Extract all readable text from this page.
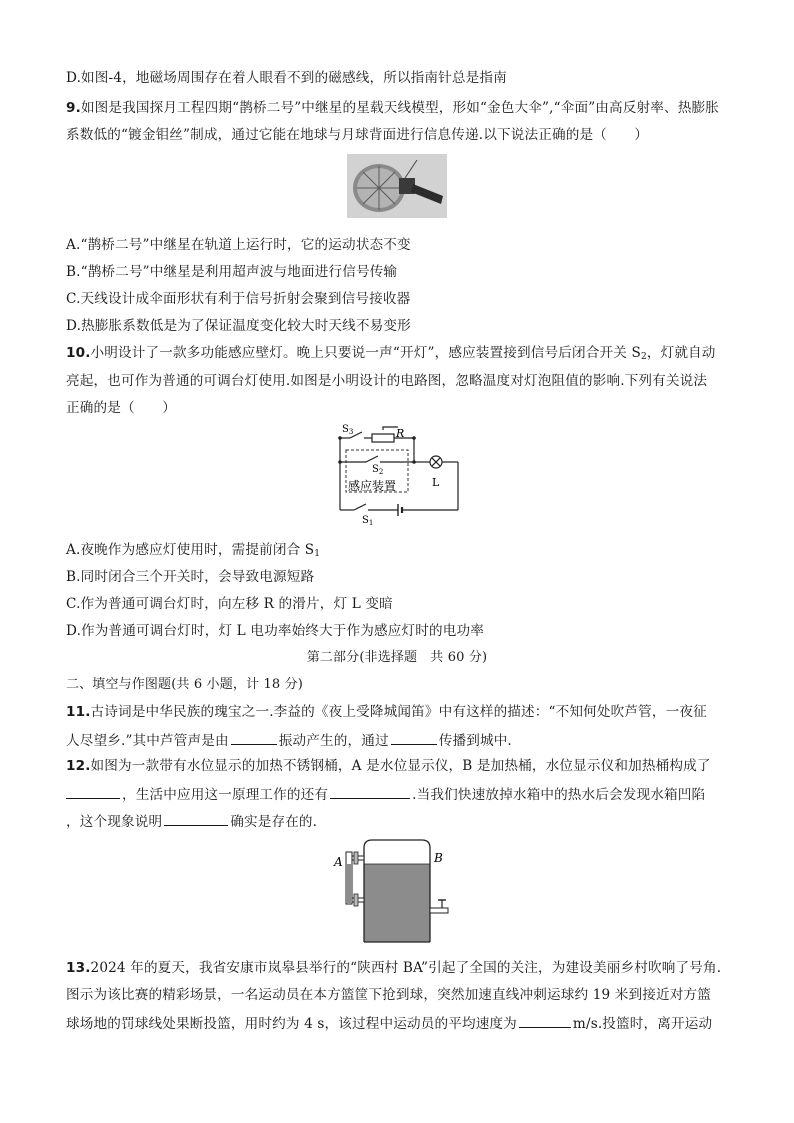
D.如图-4，地磁场周围存在着人眼看不到的磁感线，所以指南针总是指南
9.如图是我国探月工程四期“鹊桥二号”中继星的星载天线模型，形如“金色大伞”,“伞面”由高反射率、热膨胀
系数低的“镀金钼丝”制成，通过它能在地球与月球背面进行信息传递.以下说法正确的是（　　）
A.“鹊桥二号”中继星在轨道上运行时，它的运动状态不变
B.“鹊桥二号”中继星是利用超声波与地面进行信号传输
C.天线设计成伞面形状有利于信号折射会聚到信号接收器
D.热膨胀系数低是为了保证温度变化较大时天线不易变形
10.小明设计了一款多功能感应壁灯。晚上只要说一声“开灯”，感应装置接到信号后闭合开关 $S_2$，灯就自动
亮起，也可作为普通的可调台灯使用.如图是小明设计的电路图，忽略温度对灯泡阻值的影响.下列有关说法
正确的是（　　）
$S_3$	R
$S_2$
感应装置	L
$S_1$
A.夜晚作为感应灯使用时，需提前闭合 $S_1$
B.同时闭合三个开关时，会导致电源短路
C.作为普通可调台灯时，向左移 R 的滑片，灯 L 变暗
D.作为普通可调台灯时，灯 L 电功率始终大于作为感应灯时的电功率
第二部分(非选择题　共 60 分)
二、填空与作图题(共 6 小题，计 18 分)
11.古诗词是中华民族的瑰宝之一.李益的《夜上受降城闻笛》中有这样的描述：“不知何处吹芦管，一夜征
人尽望乡.”其中芦管声是由	振动产生的，通过	传播到城中.
12.如图为一款带有水位显示的加热不锈钢桶，A 是水位显示仪，B 是加热桶，水位显示仪和加热桶构成了
，生活中应用这一原理工作的还有	.当我们快速放掉水箱中的热水后会发现水箱凹陷
，这个现象说明	确实是存在的.
A	B
13.2024 年的夏天，我省安康市岚皋县举行的“陕西村 BA”引起了全国的关注，为建设美丽乡村吹响了号角.
图示为该比赛的精彩场景，一名运动员在本方篮筐下抢到球，突然加速直线冲刺运球约 19 米到接近对方篮
球场地的罚球线处果断投篮，用时约为 4 s，该过程中运动员的平均速度为	m/s.投篮时，离开运动
